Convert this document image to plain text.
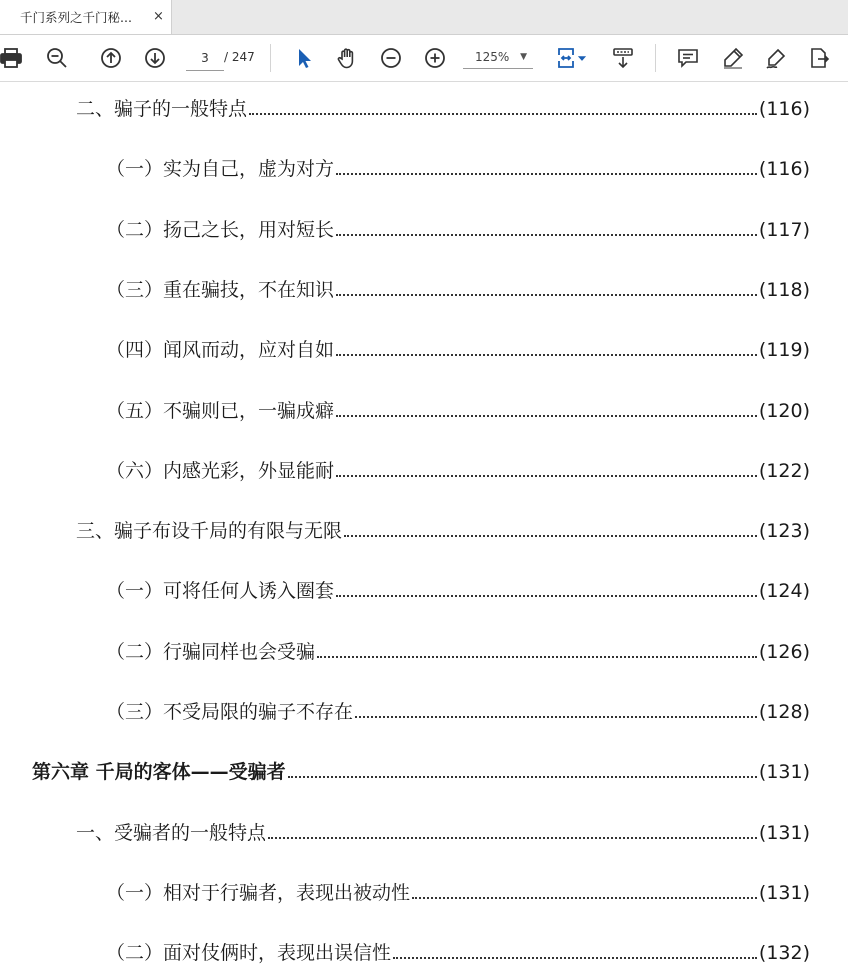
千门系列之千门秘... ×
3
/ 247	125% ▼
二、骗子的一般特点	(116)
（一）实为自己，虚为对方	(116)
（二）扬己之长，用对短长	(117)
（三）重在骗技，不在知识	(118)
（四）闻风而动，应对自如	(119)
（五）不骗则已，一骗成癖	(120)
（六）内感光彩，外显能耐	(122)
三、骗子布设千局的有限与无限	(123)
（一）可将任何人诱入圈套	(124)
（二）行骗同样也会受骗	(126)
（三）不受局限的骗子不存在	(128)
第六章 千局的客体——受骗者	(131)
一、受骗者的一般特点	(131)
（一）相对于行骗者，表现出被动性	(131)
（二）面对伎俩时，表现出误信性	(132)
